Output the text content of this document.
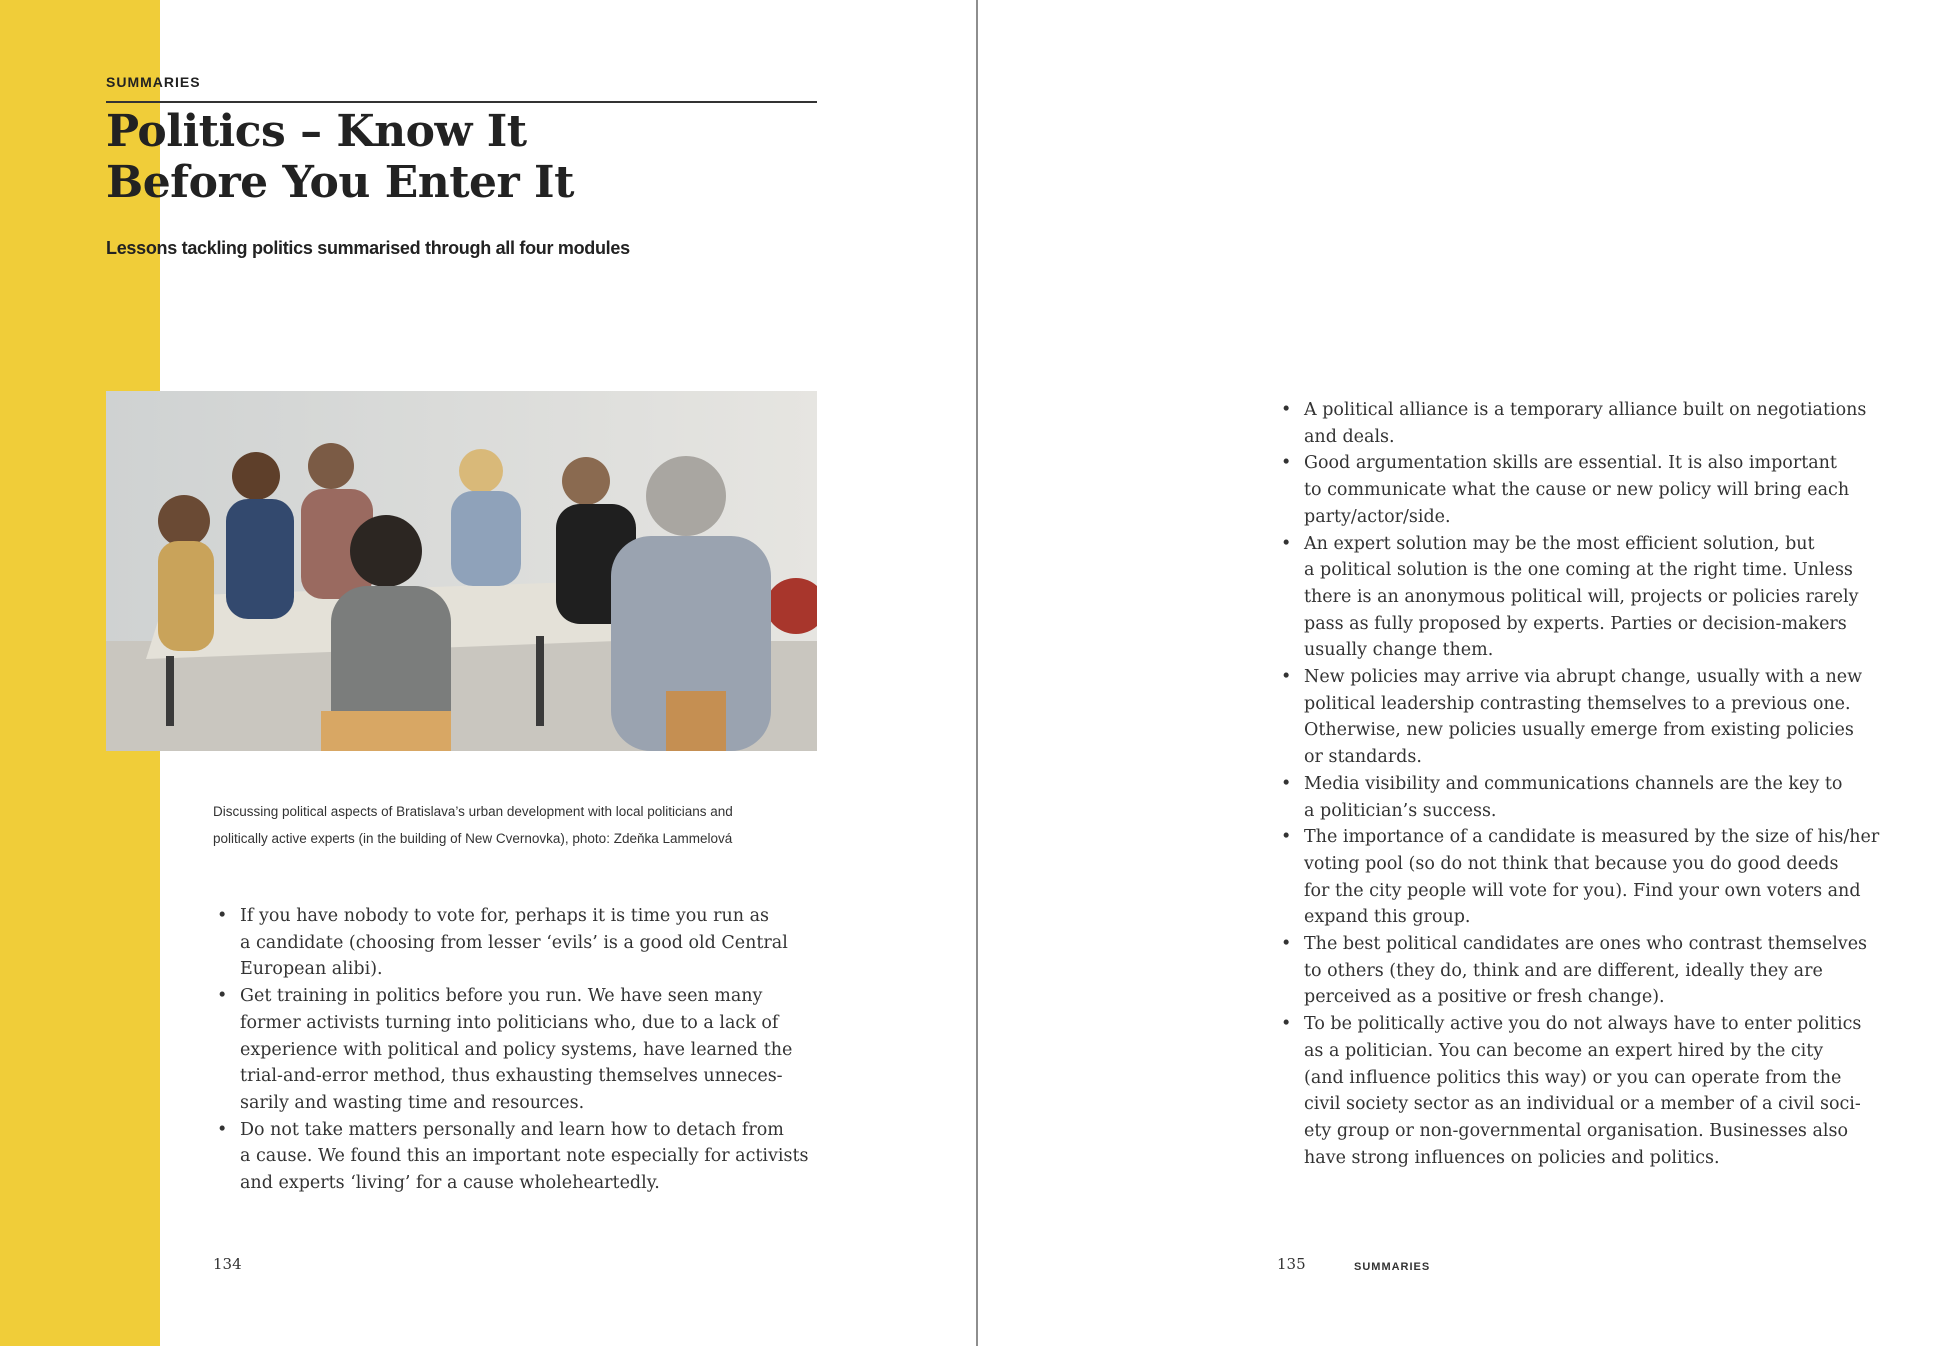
SUMMARIES
Politics – Know It
Before You Enter It

Lessons tackling politics summarised through all four modules

Discussing political aspects of Bratislava’s urban development with local politicians and
politically active experts (in the building of New Cvernovka), photo: Zdeňka Lammelová
• If you have nobody to vote for, perhaps it is time you run as
a candidate (choosing from lesser ‘evils’ is a good old Central
European alibi).
• Get training in politics before you run. We have seen many
former activists turning into politicians who, due to a lack of
experience with political and policy systems, have learned the
trial-and-error method, thus exhausting themselves unneces-
sarily and wasting time and resources.
• Do not take matters personally and learn how to detach from
a cause. We found this an important note especially for activists
and experts ‘living’ for a cause wholeheartedly.
134
• A political alliance is a temporary alliance built on negotiations
and deals.
• Good argumentation skills are essential. It is also important
to communicate what the cause or new policy will bring each
party/actor/side.
• An expert solution may be the most efficient solution, but
a political solution is the one coming at the right time. Unless
there is an anonymous political will, projects or policies rarely
pass as fully proposed by experts. Parties or decision-makers
usually change them.
• New policies may arrive via abrupt change, usually with a new
political leadership contrasting themselves to a previous one.
Otherwise, new policies usually emerge from existing policies
or standards.
• Media visibility and communications channels are the key to
a politician’s success.
• The importance of a candidate is measured by the size of his/her
voting pool (so do not think that because you do good deeds
for the city people will vote for you). Find your own voters and
expand this group.
• The best political candidates are ones who contrast themselves
to others (they do, think and are different, ideally they are
perceived as a positive or fresh change).
• To be politically active you do not always have to enter politics
as a politician. You can become an expert hired by the city
(and influence politics this way) or you can operate from the
civil society sector as an individual or a member of a civil soci-
ety group or non-governmental organisation. Businesses also
have strong influences on policies and politics.
135	SUMMARIES
